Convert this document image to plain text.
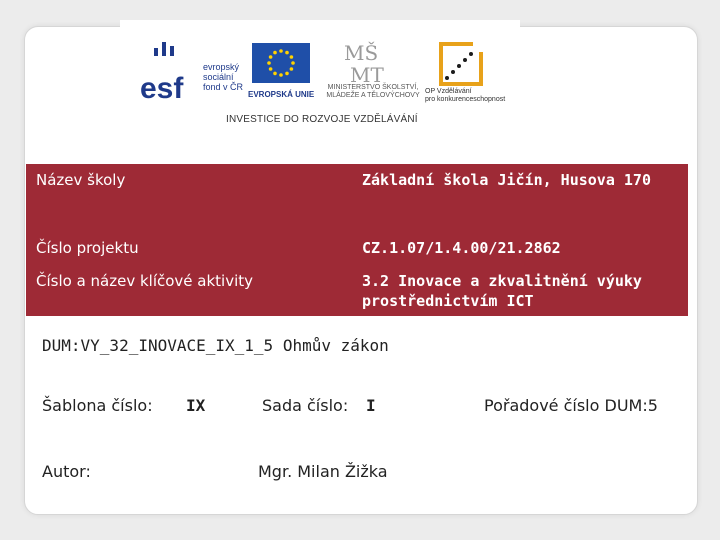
esf
evropský
sociální
fond v ČR
EVROPSKÁ UNIE
MŠ
MT
MINISTERSTVO ŠKOLSTVÍ,
MLÁDEŽE A TĚLOVÝCHOVY
OP Vzdělávání
pro konkurenceschopnost
INVESTICE DO ROZVOJE VZDĚLÁVÁNÍ
Název školy	Základní škola Jičín, Husova 170
Číslo projektu	CZ.1.07/1.4.00/21.2862
Číslo a název klíčové aktivity	3.2 Inovace a zkvalitnění výuky prostřednictvím ICT
DUM:VY_32_INOVACE_IX_1_5 Ohmův zákon
Šablona číslo: IX	Sada číslo: I	Pořadové číslo DUM:5
Autor:	Mgr. Milan Žižka
